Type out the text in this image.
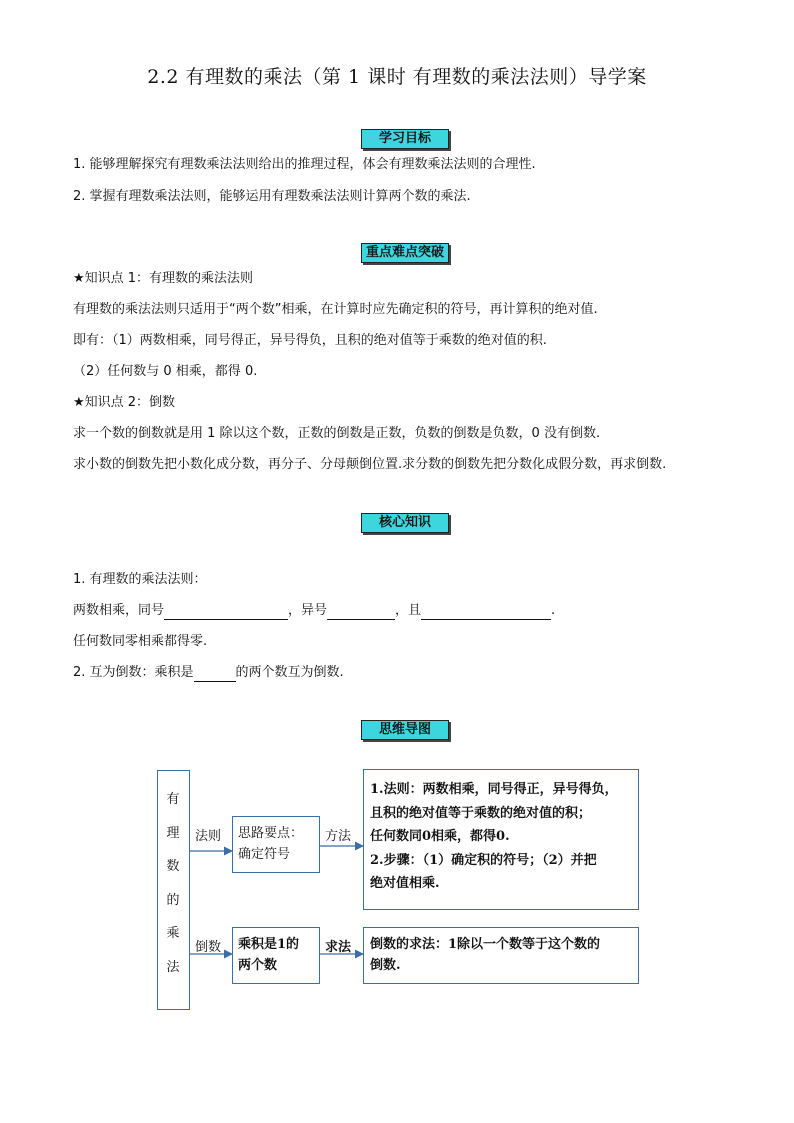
2.2 有理数的乘法（第 1 课时 有理数的乘法法则）导学案
学习目标
1. 能够理解探究有理数乘法法则给出的推理过程，体会有理数乘法法则的合理性.
2. 掌握有理数乘法法则，能够运用有理数乘法法则计算两个数的乘法.
重点难点突破
★知识点 1：有理数的乘法法则
有理数的乘法法则只适用于“两个数”相乘，在计算时应先确定积的符号，再计算积的绝对值.
即有：（1）两数相乘，同号得正，异号得负，且积的绝对值等于乘数的绝对值的积.
（2）任何数与 0 相乘，都得 0.
★知识点 2：倒数
求一个数的倒数就是用 1 除以这个数，正数的倒数是正数，负数的倒数是负数，0 没有倒数.
求小数的倒数先把小数化成分数，再分子、分母颠倒位置.求分数的倒数先把分数化成假分数，再求倒数.
核心知识
1. 有理数的乘法法则：
两数相乘，同号	，异号	，且	.
任何数同零相乘都得零.
2. 互为倒数：乘积是	的两个数互为倒数.
思维导图
有
理
数
的
乘
法
法则 思路要点：
确定符号
方法
1.法则：两数相乘，同号得正，异号得负，
且积的绝对值等于乘数的绝对值的积；
任何数同0相乘，都得0.
2.步骤：（1）确定积的符号；（2）并把
绝对值相乘.
倒数 乘积是1的
两个数
求法 倒数的求法：1除以一个数等于这个数的
倒数.
